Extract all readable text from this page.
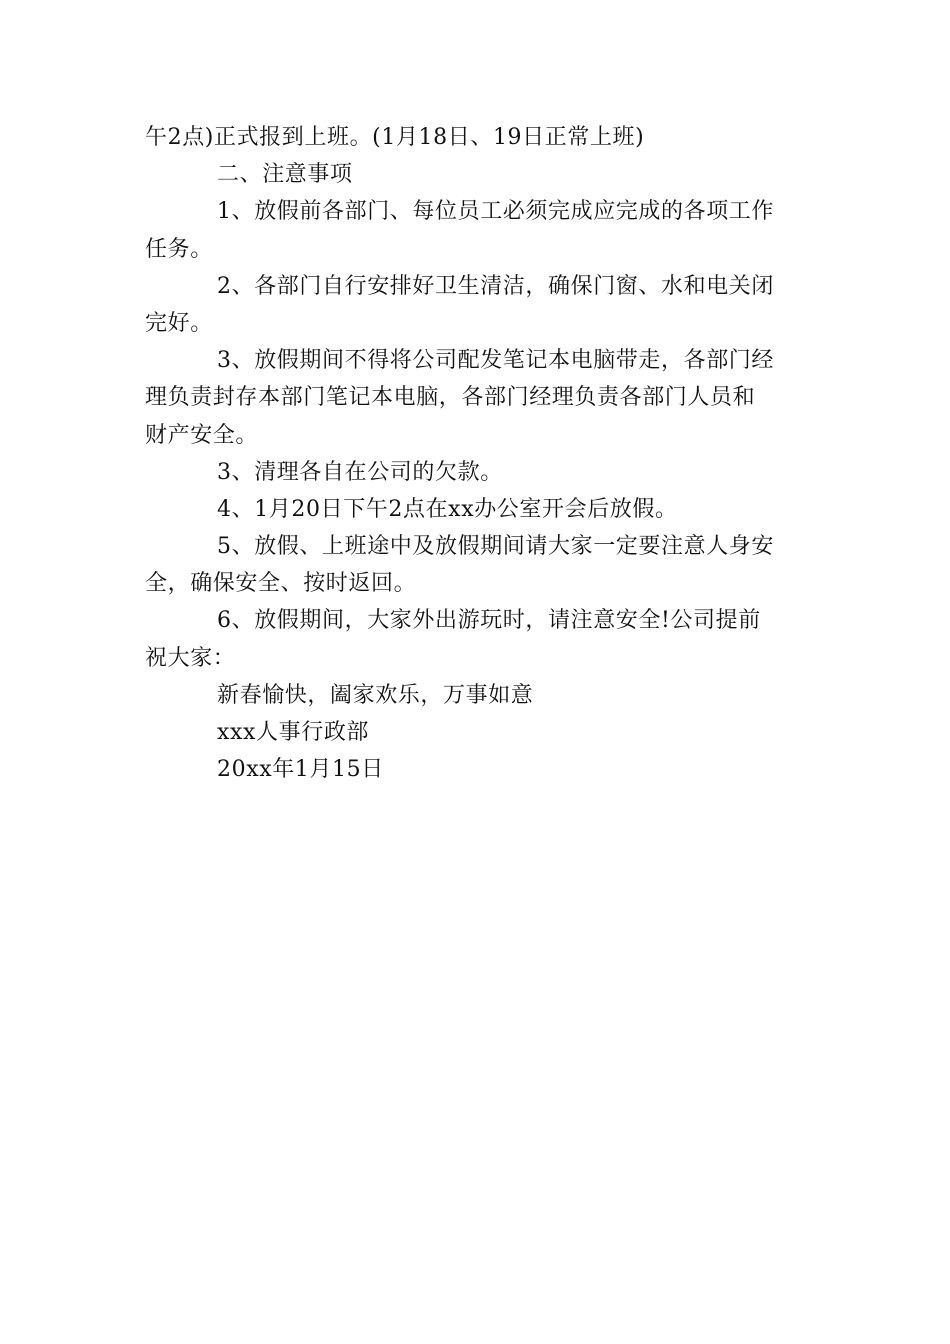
午2点)正式报到上班。(1月18日、19日正常上班)
二、注意事项
1、放假前各部门、每位员工必须完成应完成的各项工作
任务。
2、各部门自行安排好卫生清洁，确保门窗、水和电关闭
完好。
3、放假期间不得将公司配发笔记本电脑带走，各部门经
理负责封存本部门笔记本电脑，各部门经理负责各部门人员和
财产安全。
3、清理各自在公司的欠款。
4、1月20日下午2点在xx办公室开会后放假。
5、放假、上班途中及放假期间请大家一定要注意人身安
全，确保安全、按时返回。
6、放假期间，大家外出游玩时，请注意安全!公司提前
祝大家：
新春愉快，阖家欢乐，万事如意
xxx人事行政部
20xx年1月15日
